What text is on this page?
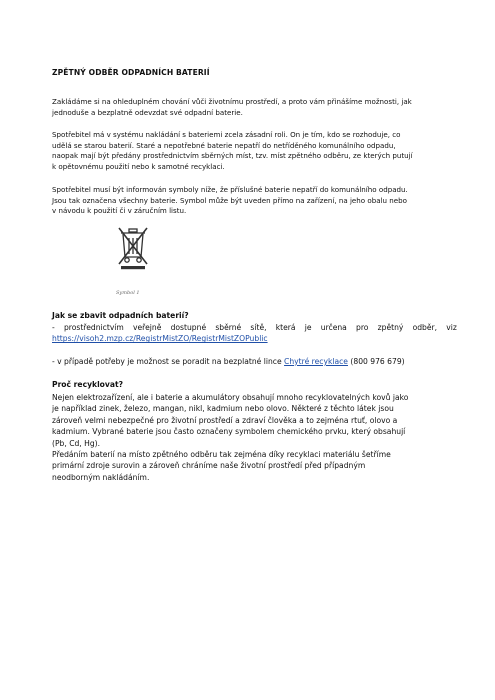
ZPĚTNÝ ODBĚR ODPADNÍCH BATERIÍ
Zakládáme si na ohleduplném chování vůči životnímu prostředí, a proto vám přinášíme možnosti, jak
jednoduše a bezplatně odevzdat své odpadní baterie.
Spotřebitel má v systému nakládání s bateriemi zcela zásadní roli. On je tím, kdo se rozhoduje, co
udělá se starou baterií. Staré a nepotřebné baterie nepatří do netříděného komunálního odpadu,
naopak mají být předány prostřednictvím sběrných míst, tzv. míst zpětného odběru, ze kterých putují
k opětovnému použití nebo k samotné recyklaci.
Spotřebitel musí být informován symboly níže, že příslušné baterie nepatří do komunálního odpadu.
Jsou tak označena všechny baterie. Symbol může být uveden přímo na zařízení, na jeho obalu nebo
v návodu k použití či v záručním listu.
Symbol 1
Jak se zbavit odpadních baterií?
- prostřednictvím veřejně dostupné sběrné sítě, která je určena pro zpětný odběr, viz
https://visoh2.mzp.cz/RegistrMistZO/RegistrMistZOPublic
- v případě potřeby je možnost se poradit na bezplatné lince Chytré recyklace (800 976 679)
Proč recyklovat?
Nejen elektrozařízení, ale i baterie a akumulátory obsahují mnoho recyklovatelných kovů jako
je například zinek, železo, mangan, nikl, kadmium nebo olovo. Některé z těchto látek jsou
zároveň velmi nebezpečné pro životní prostředí a zdraví člověka a to zejména rtuť, olovo a
kadmium. Vybrané baterie jsou často označeny symbolem chemického prvku, který obsahují
(Pb, Cd, Hg).
Předáním baterií na místo zpětného odběru tak zejména díky recyklaci materiálu šetříme
primární zdroje surovin a zároveň chráníme naše životní prostředí před případným
neodborným nakládáním.
